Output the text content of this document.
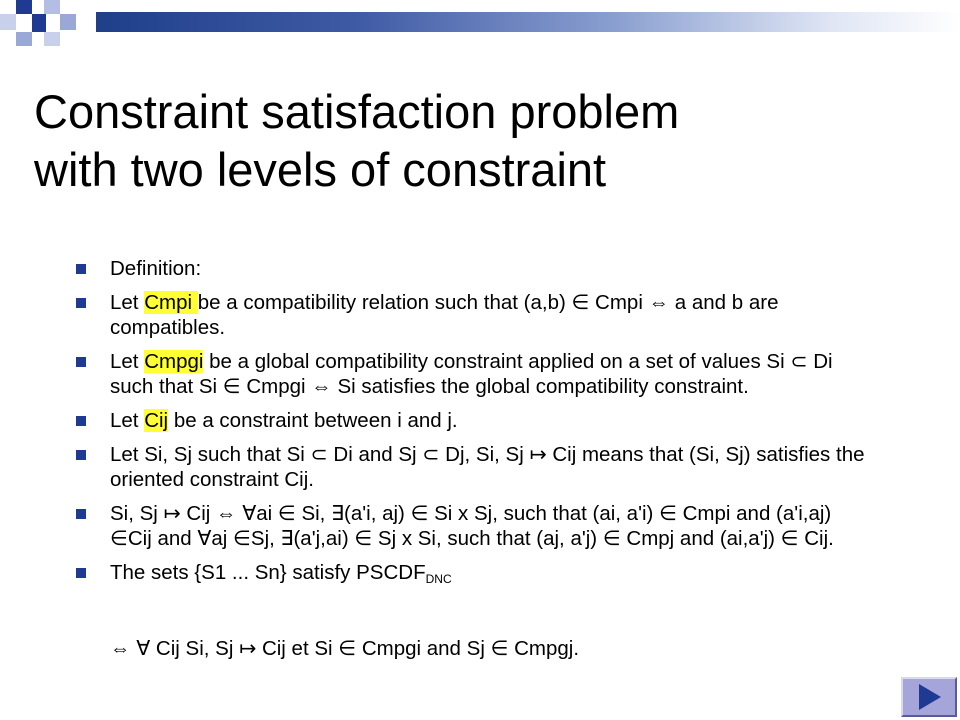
Constraint satisfaction problem
with two levels of constraint
Definition:
Let Cmpi be a compatibility relation such that (a,b) ∈ Cmpi ⇔ a and b are compatibles.
Let Cmpgi be a global compatibility constraint applied on a set of values Si ⊂ Di such that Si ∈ Cmpgi ⇔ Si satisfies the global compatibility constraint.
Let Cij be a constraint between i and j.
Let Si, Sj such that Si ⊂ Di and Sj ⊂ Dj, Si, Sj ↦ Cij means that (Si, Sj) satisfies the oriented constraint Cij.
Si, Sj ↦ Cij ⇔ ∀ai ∈ Si, ∃(a'i, aj) ∈ Si x Sj, such that (ai, a'i) ∈ Cmpi and (a'i,aj) ∈Cij and ∀aj ∈Sj, ∃(a'j,ai) ∈ Sj x Si, such that (aj, a'j) ∈ Cmpj and (ai,a'j) ∈ Cij.
The sets {S1 ... Sn} satisfy $PSCDF_{DNC}$
⇔ ∀ Cij Si, Sj ↦ Cij et Si ∈ Cmpgi and Sj ∈ Cmpgj.
